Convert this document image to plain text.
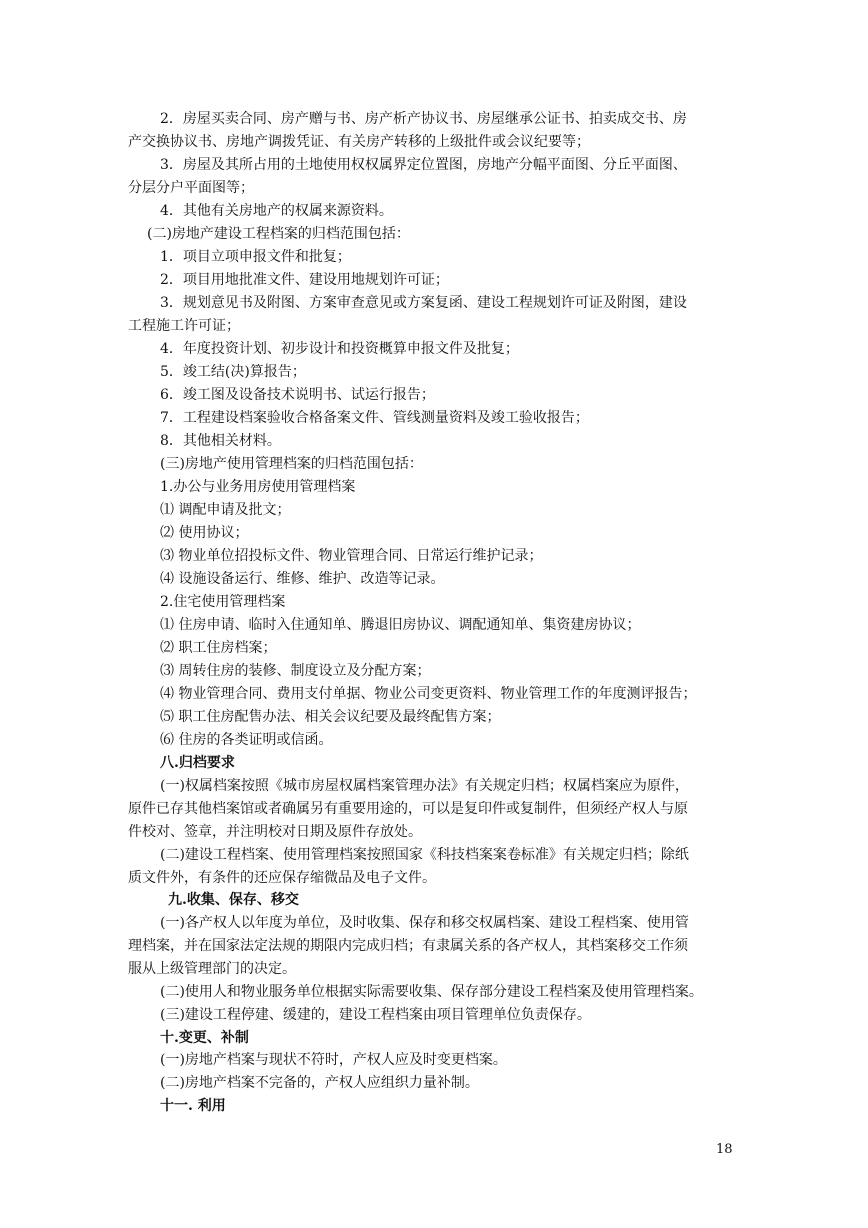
2．房屋买卖合同、房产赠与书、房产析产协议书、房屋继承公证书、拍卖成交书、房
产交换协议书、房地产调拨凭证、有关房产转移的上级批件或会议纪要等；
3．房屋及其所占用的土地使用权权属界定位置图，房地产分幅平面图、分丘平面图、
分层分户平面图等；
4．其他有关房地产的权属来源资料。
(二)房地产建设工程档案的归档范围包括：
1．项目立项申报文件和批复；
2．项目用地批准文件、建设用地规划许可证；
3．规划意见书及附图、方案审查意见或方案复函、建设工程规划许可证及附图，建设
工程施工许可证；
4．年度投资计划、初步设计和投资概算申报文件及批复；
5．竣工结(决)算报告；
6．竣工图及设备技术说明书、试运行报告；
7．工程建设档案验收合格备案文件、管线测量资料及竣工验收报告；
8．其他相关材料。
(三)房地产使用管理档案的归档范围包括：
1.办公与业务用房使用管理档案
⑴ 调配申请及批文；
⑵ 使用协议；
⑶ 物业单位招投标文件、物业管理合同、日常运行维护记录；
⑷ 设施设备运行、维修、维护、改造等记录。
2.住宅使用管理档案
⑴ 住房申请、临时入住通知单、腾退旧房协议、调配通知单、集资建房协议；
⑵ 职工住房档案；
⑶ 周转住房的装修、制度设立及分配方案；
⑷ 物业管理合同、费用支付单据、物业公司变更资料、物业管理工作的年度测评报告；
⑸ 职工住房配售办法、相关会议纪要及最终配售方案；
⑹ 住房的各类证明或信函。
八.归档要求
(一)权属档案按照《城市房屋权属档案管理办法》有关规定归档；权属档案应为原件，
原件已存其他档案馆或者确属另有重要用途的，可以是复印件或复制件，但须经产权人与原
件校对、签章，并注明校对日期及原件存放处。
(二)建设工程档案、使用管理档案按照国家《科技档案案卷标准》有关规定归档；除纸
质文件外，有条件的还应保存缩微品及电子文件。
九.收集、保存、移交
(一)各产权人以年度为单位，及时收集、保存和移交权属档案、建设工程档案、使用管
理档案，并在国家法定法规的期限内完成归档；有隶属关系的各产权人，其档案移交工作须
服从上级管理部门的决定。
(二)使用人和物业服务单位根据实际需要收集、保存部分建设工程档案及使用管理档案。
(三)建设工程停建、缓建的，建设工程档案由项目管理单位负责保存。
十.变更、补制
(一)房地产档案与现状不符时，产权人应及时变更档案。
(二)房地产档案不完备的，产权人应组织力量补制。
十一. 利用
18
